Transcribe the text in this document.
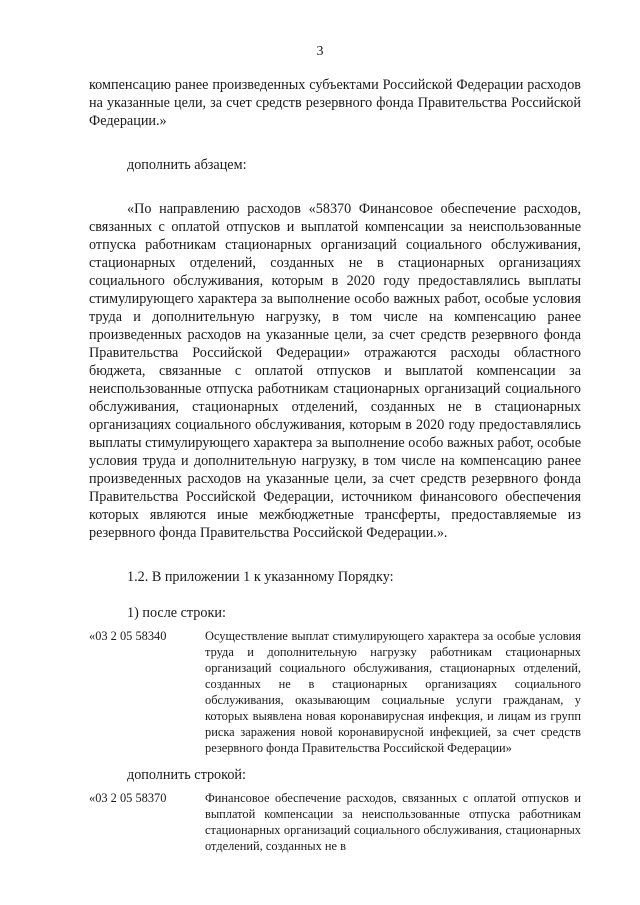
3

компенсацию ранее произведенных субъектами Российской Федерации расходов на указанные цели, за счет средств резервного фонда Правительства Российской Федерации.»

дополнить абзацем:

«По направлению расходов «58370 Финансовое обеспечение расходов, связанных с оплатой отпусков и выплатой компенсации за неиспользованные отпуска работникам стационарных организаций социального обслуживания, стационарных отделений, созданных не в стационарных организациях социального обслуживания, которым в 2020 году предоставлялись выплаты стимулирующего характера за выполнение особо важных работ, особые условия труда и дополнительную нагрузку, в том числе на компенсацию ранее произведенных расходов на указанные цели, за счет средств резервного фонда Правительства Российской Федерации» отражаются расходы областного бюджета, связанные с оплатой отпусков и выплатой компенсации за неиспользованные отпуска работникам стационарных организаций социального обслуживания, стационарных отделений, созданных не в стационарных организациях социального обслуживания, которым в 2020 году предоставлялись выплаты стимулирующего характера за выполнение особо важных работ, особые условия труда и дополнительную нагрузку, в том числе на компенсацию ранее произведенных расходов на указанные цели, за счет средств резервного фонда Правительства Российской Федерации, источником финансового обеспечения которых являются иные межбюджетные трансферты, предоставляемые из резервного фонда Правительства Российской Федерации.».

1.2. В приложении 1 к указанному Порядку:

1) после строки:

«03 2 05 58340	Осуществление выплат стимулирующего характера за особые условия труда и дополнительную нагрузку работникам стационарных организаций социального обслуживания, стационарных отделений, созданных не в стационарных организациях социального обслуживания, оказывающим социальные услуги гражданам, у которых выявлена новая коронавирусная инфекция, и лицам из групп риска заражения новой коронавирусной инфекцией, за счет средств резервного фонда Правительства Российской Федерации»

дополнить строкой:

«03 2 05 58370	Финансовое обеспечение расходов, связанных с оплатой отпусков и выплатой компенсации за неиспользованные отпуска работникам стационарных организаций социального обслуживания, стационарных отделений, созданных не в
